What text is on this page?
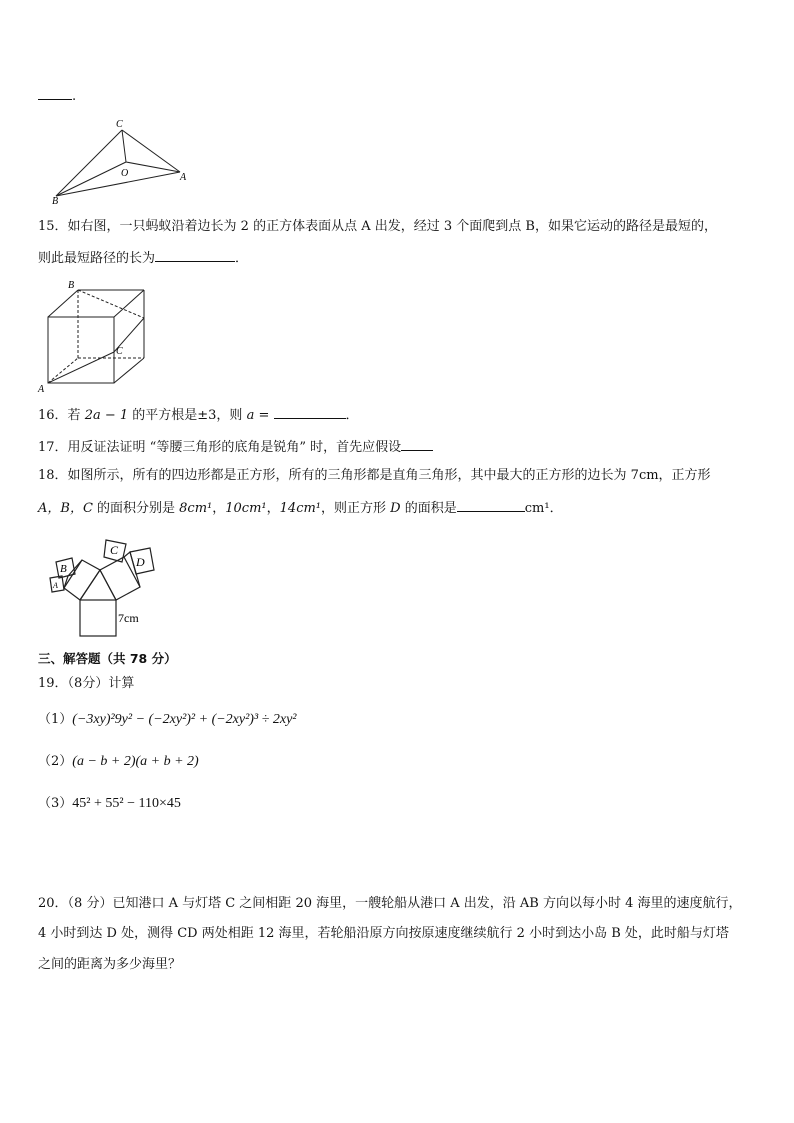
.
C
O	A
B
15．如右图，一只蚂蚁沿着边长为 2 的正方体表面从点 A 出发，经过 3 个面爬到点 B，如果它运动的路径是最短的，
则此最短路径的长为	．
B
C
A
16．若 2a − 1 的平方根是±3，则 a =	．
17．用反证法证明 “等腰三角形的底角是锐角” 时，首先应假设
18．如图所示，所有的四边形都是正方形，所有的三角形都是直角三角形，其中最大的正方形的边长为 7cm，正方形
A，B，C 的面积分别是 8cm¹，10cm¹，14cm¹，则正方形 D 的面积是	cm¹．
C
D
B
A
7cm
三、解答题（共 78 分）
19．（8分）计算
（1）(−3xy)²9y² − (−2xy²)² + (−2xy²)³ ÷ 2xy²
（2）(a − b + 2)(a + b + 2)
（3）45² + 55² − 110×45
20．（8 分）已知港口 A 与灯塔 C 之间相距 20 海里，一艘轮船从港口 A 出发，沿 AB 方向以每小时 4 海里的速度航行，
4 小时到达 D 处，测得 CD 两处相距 12 海里，若轮船沿原方向按原速度继续航行 2 小时到达小岛 B 处，此时船与灯塔
之间的距离为多少海里？
